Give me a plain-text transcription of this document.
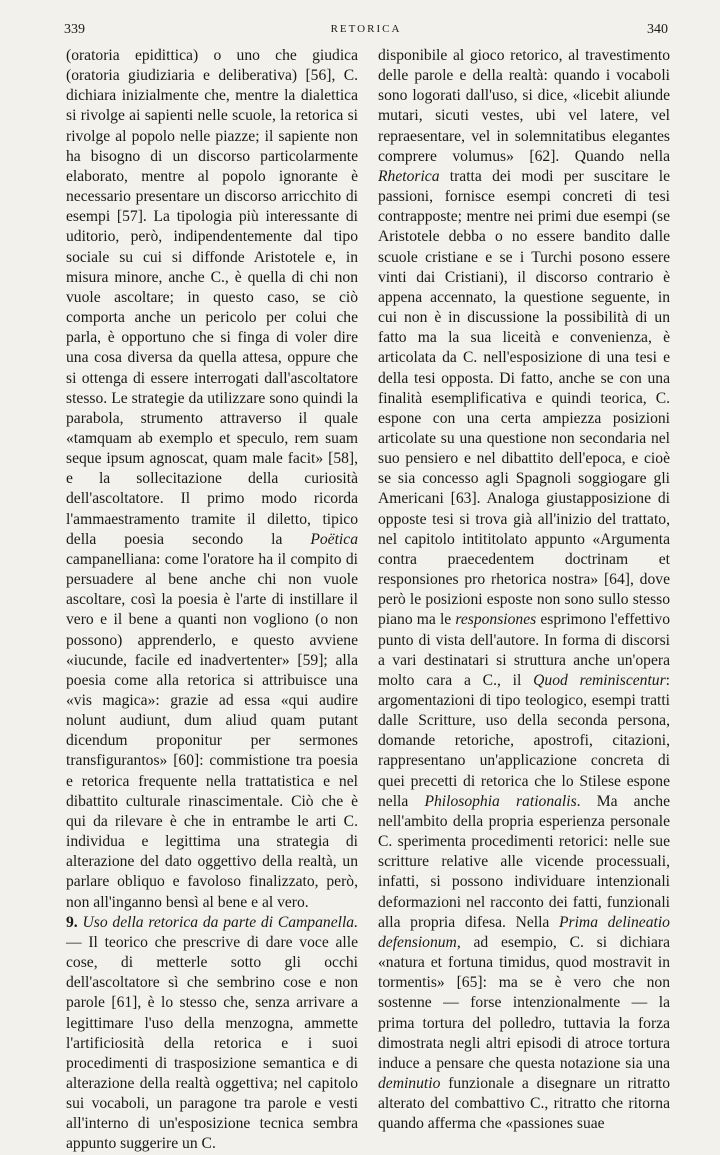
339	RETORICA	340

(oratoria epidittica) o uno che giudica (oratoria giudiziaria e deliberativa) [56], C. dichiara inizialmente che, mentre la dialettica si rivolge ai sapienti nelle scuole, la retorica si rivolge al popolo nelle piazze; il sapiente non ha bisogno di un discorso particolarmente elaborato, mentre al popolo ignorante è necessario presentare un discorso arricchito di esempi [57]. La tipologia più interessante di uditorio, però, indipendentemente dal tipo sociale su cui si diffonde Aristotele e, in misura minore, anche C., è quella di chi non vuole ascoltare; in questo caso, se ciò comporta anche un pericolo per colui che parla, è opportuno che si finga di voler dire una cosa diversa da quella attesa, oppure che si ottenga di essere interrogati dall'ascoltatore stesso. Le strategie da utilizzare sono quindi la parabola, strumento attraverso il quale «tamquam ab exemplo et speculo, rem suam seque ipsum agnoscat, quam male facit» [58], e la sollecitazione della curiosità dell'ascoltatore. Il primo modo ricorda l'ammaestramento tramite il diletto, tipico della poesia secondo la Poëtica campanelliana: come l'oratore ha il compito di persuadere al bene anche chi non vuole ascoltare, così la poesia è l'arte di instillare il vero e il bene a quanti non vogliono (o non possono) apprenderlo, e questo avviene «iucunde, facile ed inadvertenter» [59]; alla poesia come alla retorica si attribuisce una «vis magica»: grazie ad essa «qui audire nolunt audiunt, dum aliud quam putant dicendum proponitur per sermones transfigurantos» [60]: commistione tra poesia e retorica frequente nella trattatistica e nel dibattito culturale rinascimentale. Ciò che è qui da rilevare è che in entrambe le arti C. individua e legittima una strategia di alterazione del dato oggettivo della realtà, un parlare obliquo e favoloso finalizzato, però, non all'inganno bensì al bene e al vero.

9. Uso della retorica da parte di Campanella. — Il teorico che prescrive di dare voce alle cose, di metterle sotto gli occhi dell'ascoltatore sì che sembrino cose e non parole [61], è lo stesso che, senza arrivare a legittimare l'uso della menzogna, ammette l'artificiosità della retorica e i suoi procedimenti di trasposizione semantica e di alterazione della realtà oggettiva; nel capitolo sui vocaboli, un paragone tra parole e vesti all'interno di un'esposizione tecnica sembra appunto suggerire un C.

disponibile al gioco retorico, al travestimento delle parole e della realtà: quando i vocaboli sono logorati dall'uso, si dice, «licebit aliunde mutari, sicuti vestes, ubi vel latere, vel repraesentare, vel in solemnitatibus elegantes comprere volumus» [62]. Quando nella Rhetorica tratta dei modi per suscitare le passioni, fornisce esempi concreti di tesi contrapposte; mentre nei primi due esempi (se Aristotele debba o no essere bandito dalle scuole cristiane e se i Turchi posono essere vinti dai Cristiani), il discorso contrario è appena accennato, la questione seguente, in cui non è in discussione la possibilità di un fatto ma la sua liceità e convenienza, è articolata da C. nell'esposizione di una tesi e della tesi opposta. Di fatto, anche se con una finalità esemplificativa e quindi teorica, C. espone con una certa ampiezza posizioni articolate su una questione non secondaria nel suo pensiero e nel dibattito dell'epoca, e cioè se sia concesso agli Spagnoli soggiogare gli Americani [63]. Analoga giustapposizione di opposte tesi si trova già all'inizio del trattato, nel capitolo intititolato appunto «Argumenta contra praecedentem doctrinam et responsiones pro rhetorica nostra» [64], dove però le posizioni esposte non sono sullo stesso piano ma le responsiones esprimono l'effettivo punto di vista dell'autore. In forma di discorsi a vari destinatari si struttura anche un'opera molto cara a C., il Quod reminiscentur: argomentazioni di tipo teologico, esempi tratti dalle Scritture, uso della seconda persona, domande retoriche, apostrofi, citazioni, rappresentano un'applicazione concreta di quei precetti di retorica che lo Stilese espone nella Philosophia rationalis. Ma anche nell'ambito della propria esperienza personale C. sperimenta procedimenti retorici: nelle sue scritture relative alle vicende processuali, infatti, si possono individuare intenzionali deformazioni nel racconto dei fatti, funzionali alla propria difesa. Nella Prima delineatio defensionum, ad esempio, C. si dichiara «natura et fortuna timidus, quod mostravit in tormentis» [65]: ma se è vero che non sostenne — forse intenzionalmente — la prima tortura del polledro, tuttavia la forza dimostrata negli altri episodi di atroce tortura induce a pensare che questa notazione sia una deminutio funzionale a disegnare un ritratto alterato del combattivo C., ritratto che ritorna quando afferma che «passiones suae
